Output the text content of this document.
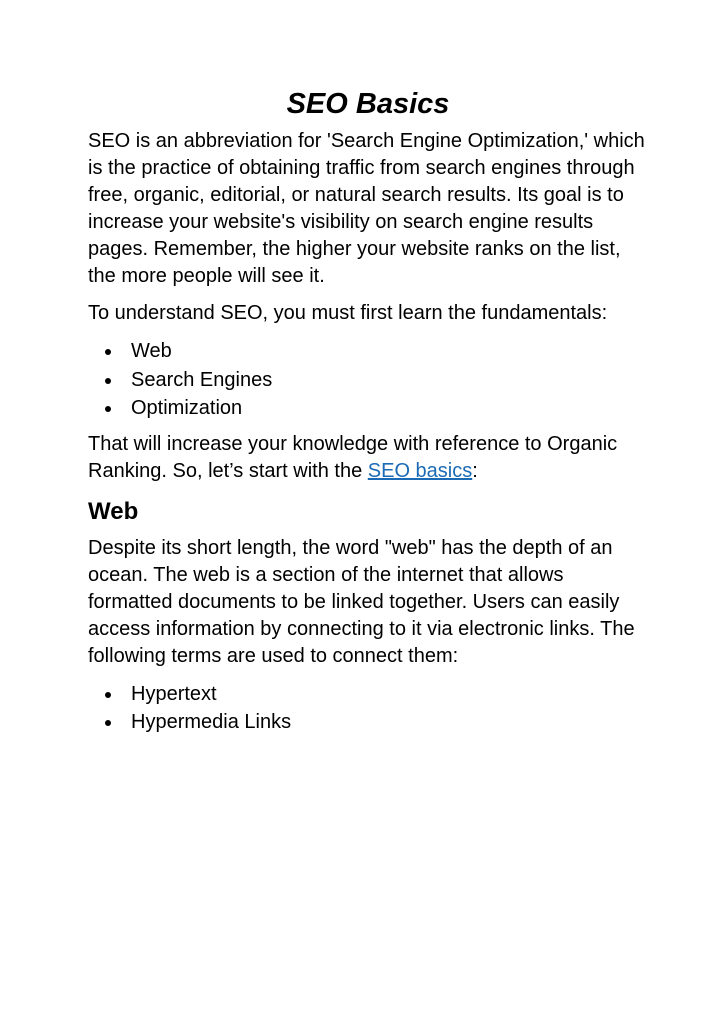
SEO Basics

SEO is an abbreviation for 'Search Engine Optimization,' which is the practice of obtaining traffic from search engines through free, organic, editorial, or natural search results. Its goal is to increase your website's visibility on search engine results pages. Remember, the higher your website ranks on the list, the more people will see it.

To understand SEO, you must first learn the fundamentals:

Web
Search Engines
Optimization

That will increase your knowledge with reference to Organic Ranking. So, let’s start with the SEO basics:

Web

Despite its short length, the word "web" has the depth of an ocean. The web is a section of the internet that allows formatted documents to be linked together. Users can easily access information by connecting to it via electronic links. The following terms are used to connect them:

Hypertext
Hypermedia Links
